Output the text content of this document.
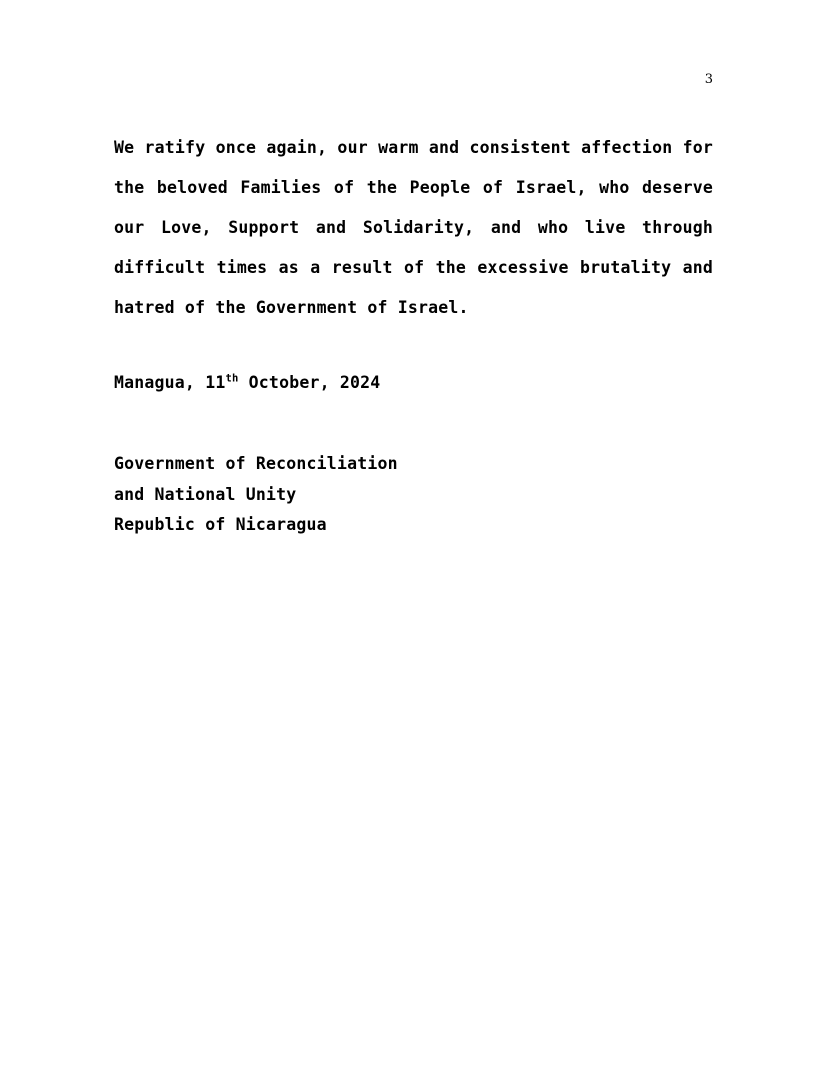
3

We ratify once again, our warm and consistent affection for the beloved Families of the People of Israel, who deserve our Love, Support and Solidarity, and who live through difficult times as a result of the excessive brutality and hatred of the Government of Israel.

Managua, 11th October, 2024
Government of Reconciliation
and National Unity
Republic of Nicaragua
